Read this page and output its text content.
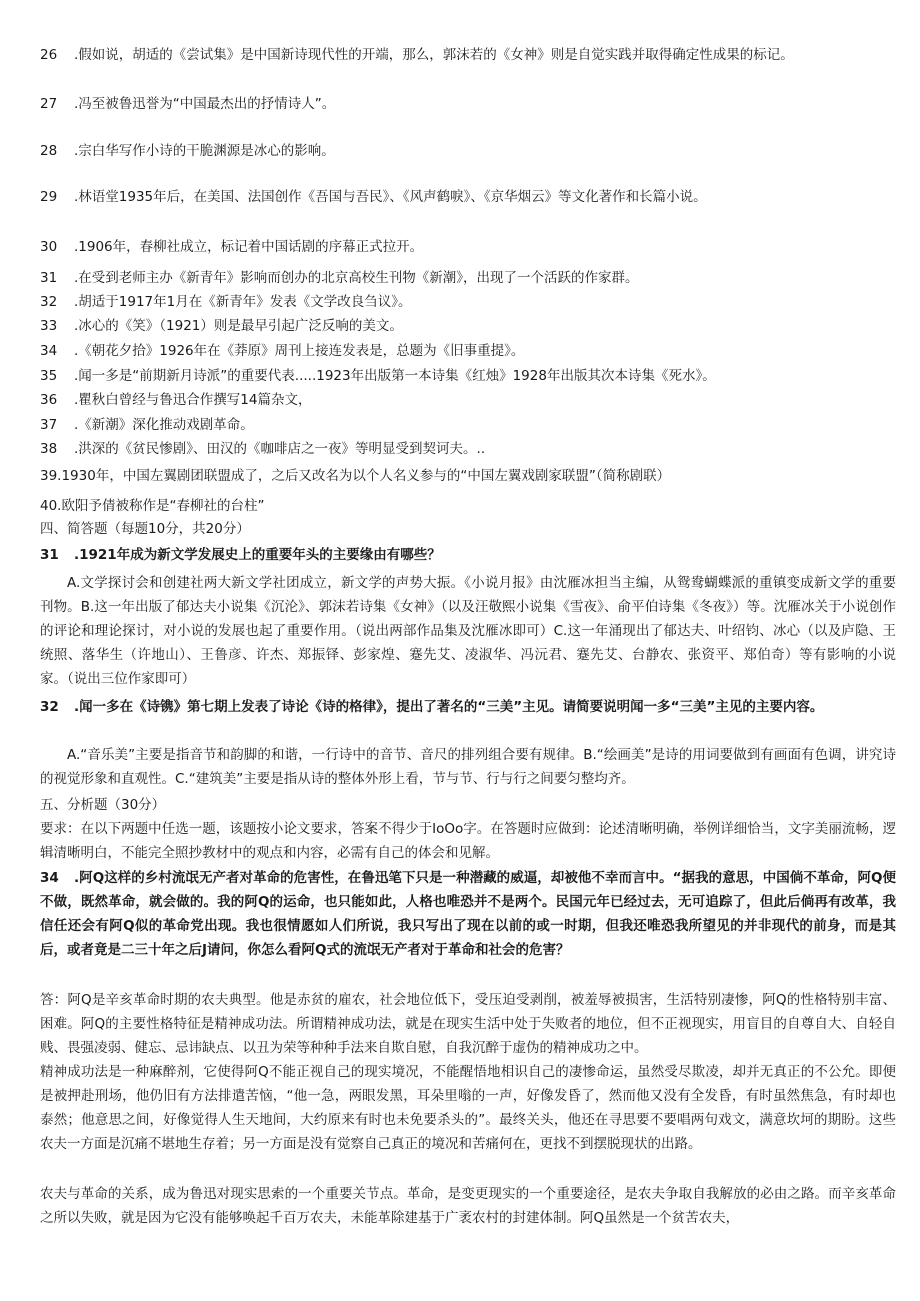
26 .假如说，胡适的《尝试集》是中国新诗现代性的开端，那么，郭沫若的《女神》则是自觉实践并取得确定性成果的标记。
27 .冯至被鲁迅誉为“中国最杰出的抒情诗人”。
28 .宗白华写作小诗的干脆渊源是冰心的影响。
29 .林语堂1935年后，在美国、法国创作《吾国与吾民》、《风声鹤唳》、《京华烟云》等文化著作和长篇小说。
30 .1906年，春柳社成立，标记着中国话剧的序幕正式拉开。
31 .在受到老师主办《新青年》影响而创办的北京高校生刊物《新潮》，出现了一个活跃的作家群。
32 .胡适于1917年1月在《新青年》发表《文学改良刍议》。
33 .冰心的《笑》（1921）则是最早引起广泛反响的美文。
34 .《朝花夕拾》1926年在《莽原》周刊上接连发表是，总题为《旧事重提》。
35 .闻一多是“前期新月诗派”的重要代表.....1923年出版第一本诗集《红烛》1928年出版其次本诗集《死水》。
36 .瞿秋白曾经与鲁迅合作撰写14篇杂文，
37 .《新潮》深化推动戏剧革命。
38 .洪深的《贫民惨剧》、田汉的《咖啡店之一夜》等明显受到契诃夫。..
39.1930年，中国左翼剧团联盟成了，之后又改名为以个人名义参与的“中国左翼戏剧家联盟”（简称剧联）
40.欧阳予倩被称作是“春柳社的台柱”
四、简答题（每题10分，共20分）
31 .1921年成为新文学发展史上的重要年头的主要缘由有哪些？
A.文学探讨会和创建社两大新文学社团成立，新文学的声势大振。《小说月报》由沈雁冰担当主编，从鸳鸯蝴蝶派的重镇变成新文学的重要刊物。B.这一年出版了郁达夫小说集《沉沦》、郭沫若诗集《女神》（以及汪敬熙小说集《雪夜》、俞平伯诗集《冬夜》）等。沈雁冰关于小说创作的评论和理论探讨，对小说的发展也起了重要作用。（说出两部作品集及沈雁冰即可）C.这一年涌现出了郁达夫、叶绍钧、冰心（以及庐隐、王统照、落华生（许地山）、王鲁彦、许杰、郑振铎、彭家煌、蹇先艾、凌淑华、冯沅君、蹇先艾、台静农、张资平、郑伯奇）等有影响的小说家。（说出三位作家即可）
32 .闻一多在《诗镌》第七期上发表了诗论《诗的格律》，提出了著名的“三美”主见。请简要说明闻一多“三美”主见的主要内容。
A.“音乐美”主要是指音节和韵脚的和谐，一行诗中的音节、音尺的排列组合要有规律。B.“绘画美”是诗的用词要做到有画面有色调，讲究诗的视觉形象和直观性。C.“建筑美”主要是指从诗的整体外形上看，节与节、行与行之间要匀整均齐。
五、分析题（30分）
要求：在以下两题中任选一题，该题按小论文要求，答案不得少于IoOo字。在答题时应做到：论述清晰明确，举例详细恰当，文字美丽流畅，逻辑清晰明白，不能完全照抄教材中的观点和内容，必需有自己的体会和见解。
34 .阿Q这样的乡村流氓无产者对革命的危害性，在鲁迅笔下只是一种潜藏的威逼，却被他不幸而言中。“据我的意思，中国倘不革命，阿Q便不做，既然革命，就会做的。我的阿Q的运命，也只能如此，人格也唯恐并不是两个。民国元年已经过去，无可追踪了，但此后倘再有改革，我信任还会有阿Q似的革命党出现。我也很情愿如人们所说，我只写出了现在以前的或一时期，但我还唯恐我所望见的并非现代的前身，而是其后，或者竟是二三十年之后J请问，你怎么看阿Q式的流氓无产者对于革命和社会的危害？
答：阿Q是辛亥革命时期的农夫典型。他是赤贫的雇农，社会地位低下，受压迫受剥削，被羞辱被损害，生活特别凄惨，阿Q的性格特别丰富、困难。阿Q的主要性格特征是精神成功法。所谓精神成功法，就是在现实生活中处于失败者的地位，但不正视现实，用盲目的自尊自大、自轻自贱、畏强凌弱、健忘、忌讳缺点、以丑为荣等种种手法来自欺自慰，自我沉醉于虚伪的精神成功之中。
精神成功法是一种麻醉剂，它使得阿Q不能正视自己的现实境况，不能醒悟地相识自己的凄惨命运，虽然受尽欺凌，却并无真正的不公允。即便是被押赴刑场，他仍旧有方法排遣苦恼，“他一急，两眼发黑，耳朵里嗡的一声，好像发昏了，然而他又没有全发昏，有时虽然焦急，有时却也泰然；他意思之间，好像觉得人生天地间，大约原来有时也未免要杀头的”。最终关头，他还在寻思要不要唱两句戏文，满意坎坷的期盼。这些农夫一方面是沉痛不堪地生存着；另一方面是没有觉察自己真正的境况和苦痛何在，更找不到摆脱现状的出路。
农夫与革命的关系，成为鲁迅对现实思索的一个重要关节点。革命，是变更现实的一个重要途径，是农夫争取自我解放的必由之路。而辛亥革命之所以失败，就是因为它没有能够唤起千百万农夫，未能革除建基于广袤农村的封建体制。阿Q虽然是一个贫苦农夫，
